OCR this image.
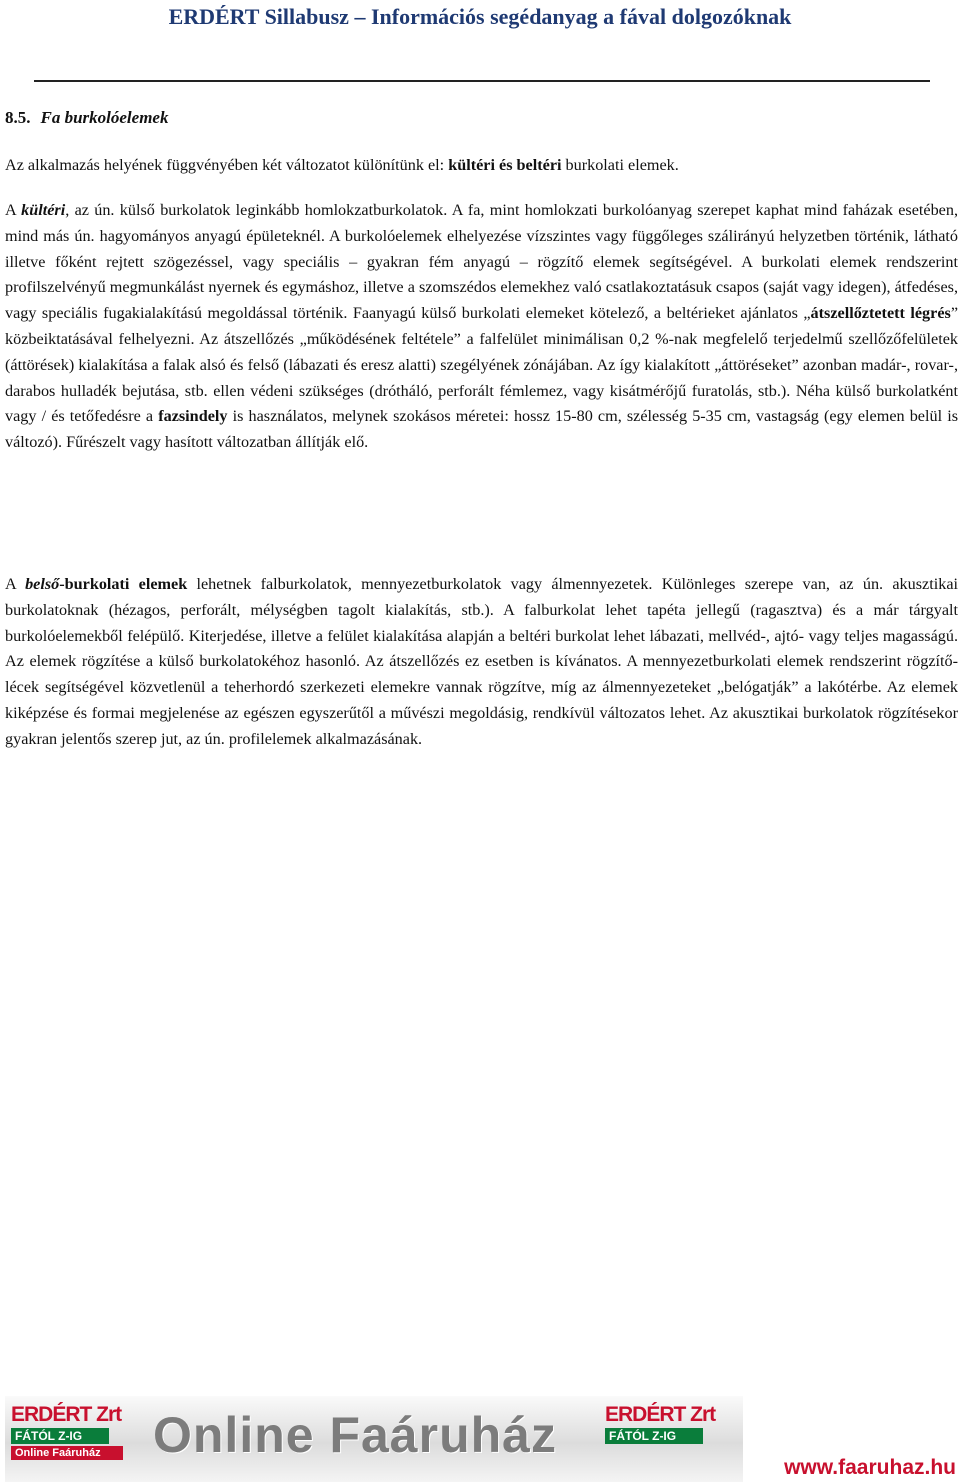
ERDÉRT Sillabusz – Információs segédanyag a fával dolgozóknak
8.5. Fa burkolóelemek

Az alkalmazás helyének függvényében két változatot különítünk el: kültéri és beltéri burkolati elemek.

A kültéri, az ún. külső burkolatok leginkább homlokzatburkolatok. A fa, mint homlokzati burkolóanyag szerepet kaphat mind faházak esetében, mind más ún. hagyományos anyagú épületeknél. A burkolóelemek elhelyezése vízszintes vagy függőleges szálirányú helyzetben történik, látható illetve főként rejtett szögezéssel, vagy speciális – gyakran fém anyagú – rögzítő elemek segítségével. A burkolati elemek rendszerint profilszelvényű megmunkálást nyernek és egymáshoz, illetve a szomszédos elemekhez való csatlakoztatásuk csapos (saját vagy idegen), átfedéses, vagy speciális fugakialakítású megoldással történik. Faanyagú külső burkolati elemeket kötelező, a beltérieket ajánlatos „átszellőztetett légrés” közbeiktatásával felhelyezni. Az átszellőzés „működésének feltétele” a falfelület minimálisan 0,2 %-nak megfelelő terjedelmű szellőzőfelületek (áttörések) kialakítása a falak alsó és felső (lábazati és eresz alatti) szegélyének zónájában. Az így kialakított „áttöréseket” azonban madár-, rovar-, darabos hulladék bejutása, stb. ellen védeni szükséges (drótháló, perforált fémlemez, vagy kisátmérőjű furatolás, stb.). Néha külső burkolatként vagy / és tetőfedésre a fazsindely is használatos, melynek szokásos méretei: hossz 15-80 cm, szélesség 5-35 cm, vastagság (egy elemen belül is változó). Fűrészelt vagy hasított változatban állítják elő.

A belső-burkolati elemek lehetnek falburkolatok, mennyezetburkolatok vagy álmennyezetek. Különleges szerepe van, az ún. akusztikai burkolatoknak (hézagos, perforált, mélységben tagolt kialakítás, stb.). A falburkolat lehet tapéta jellegű (ragasztva) és a már tárgyalt burkolóelemekből felépülő. Kiterjedése, illetve a felület kialakítása alapján a beltéri burkolat lehet lábazati, mellvéd-, ajtó- vagy teljes magasságú. Az elemek rögzítése a külső burkolatokéhoz hasonló. Az átszellőzés ez esetben is kívánatos. A mennyezetburkolati elemek rendszerint rögzítő-lécek segítségével közvetlenül a teherhordó szerkezeti elemekre vannak rögzítve, míg az álmennyezeteket „belógatják” a lakótérbe. Az elemek kiképzése és formai megjelenése az egészen egyszerűtől a művészi megoldásig, rendkívül változatos lehet. Az akusztikai burkolatok rögzítésekor gyakran jelentős szerep jut, az ún. profilelemek alkalmazásának.

ERDÉRT Zrt
FÁTÓL Z-IG
Online Faáruház	Online Faáruház ERDÉRT Zrt
FÁTÓL Z-IG
www.faaruhaz.hu
